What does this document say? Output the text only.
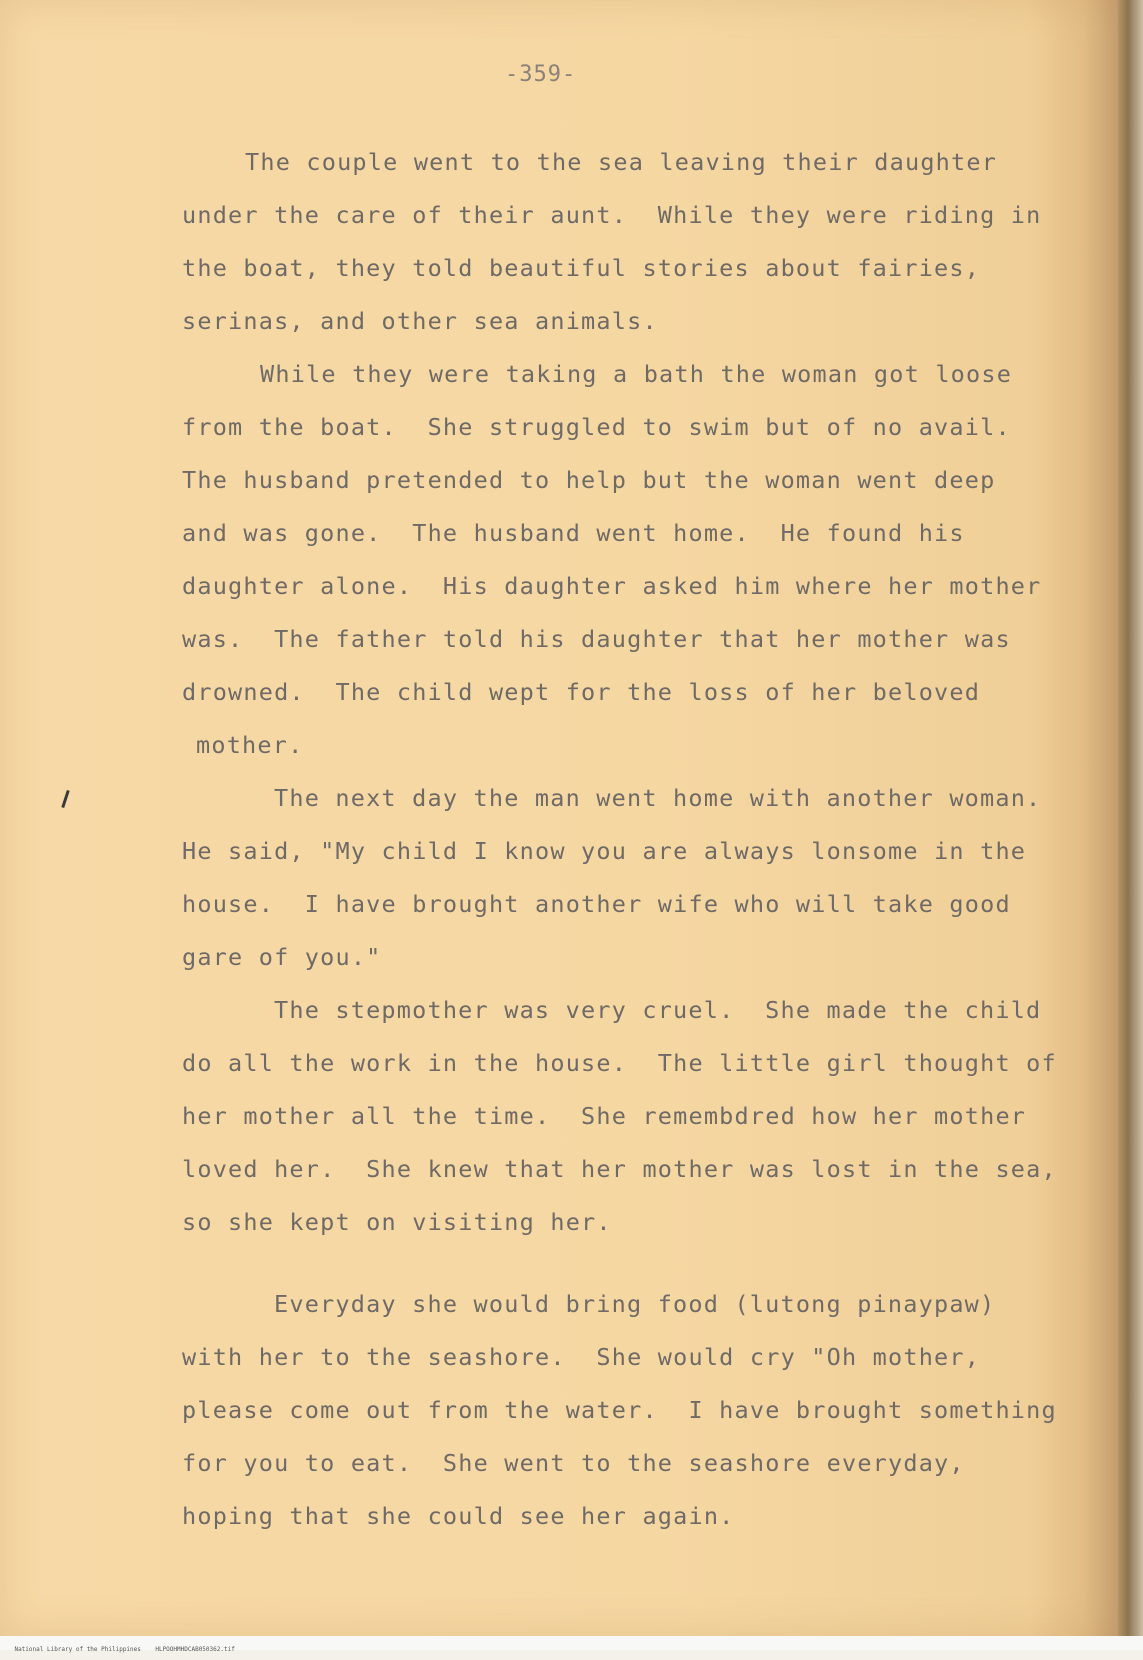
-359-
The couple went to the sea leaving their daughter
under the care of their aunt.  While they were riding in
the boat, they told beautiful stories about fairies,
serinas, and other sea animals.
While they were taking a bath the woman got loose
from the boat.  She struggled to swim but of no avail.
The husband pretended to help but the woman went deep
and was gone.  The husband went home.  He found his
daughter alone.  His daughter asked him where her mother
was.  The father told his daughter that her mother was
drowned.  The child wept for the loss of her beloved
mother.
The next day the man went home with another woman.
He said, "My child I know you are always lonsome in the
house.  I have brought another wife who will take good
gare of you."
The stepmother was very cruel.  She made the child
do all the work in the house.  The little girl thought of
her mother all the time.  She remembdred how her mother
loved her.  She knew that her mother was lost in the sea,
so she kept on visiting her.
Everyday she would bring food (lutong pinaypaw)
with her to the seashore.  She would cry "Oh mother,
please come out from the water.  I have brought something
for you to eat.  She went to the seashore everyday,
hoping that she could see her again.

National Library of the Philippines HLPOOHMHDCAB050362.tif
